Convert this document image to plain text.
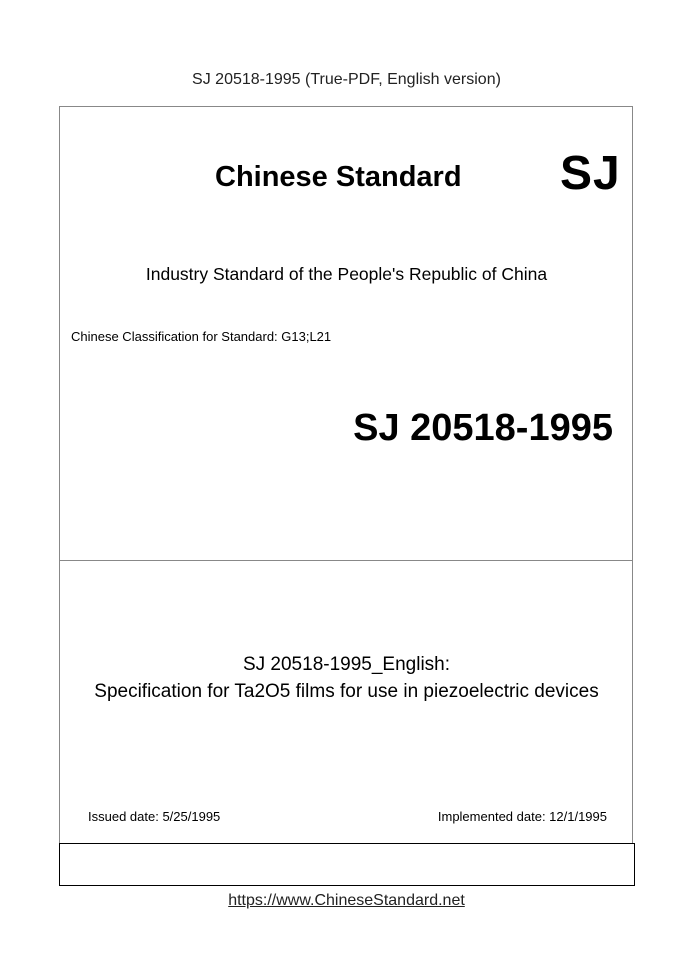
SJ 20518-1995 (True-PDF, English version)
Chinese Standard SJ
Industry Standard of the People's Republic of China
Chinese Classification for Standard: G13;L21
SJ 20518-1995
SJ 20518-1995_English:
Specification for Ta2O5 films for use in piezoelectric devices
Issued date: 5/25/1995	Implemented date: 12/1/1995
https://www.ChineseStandard.net
